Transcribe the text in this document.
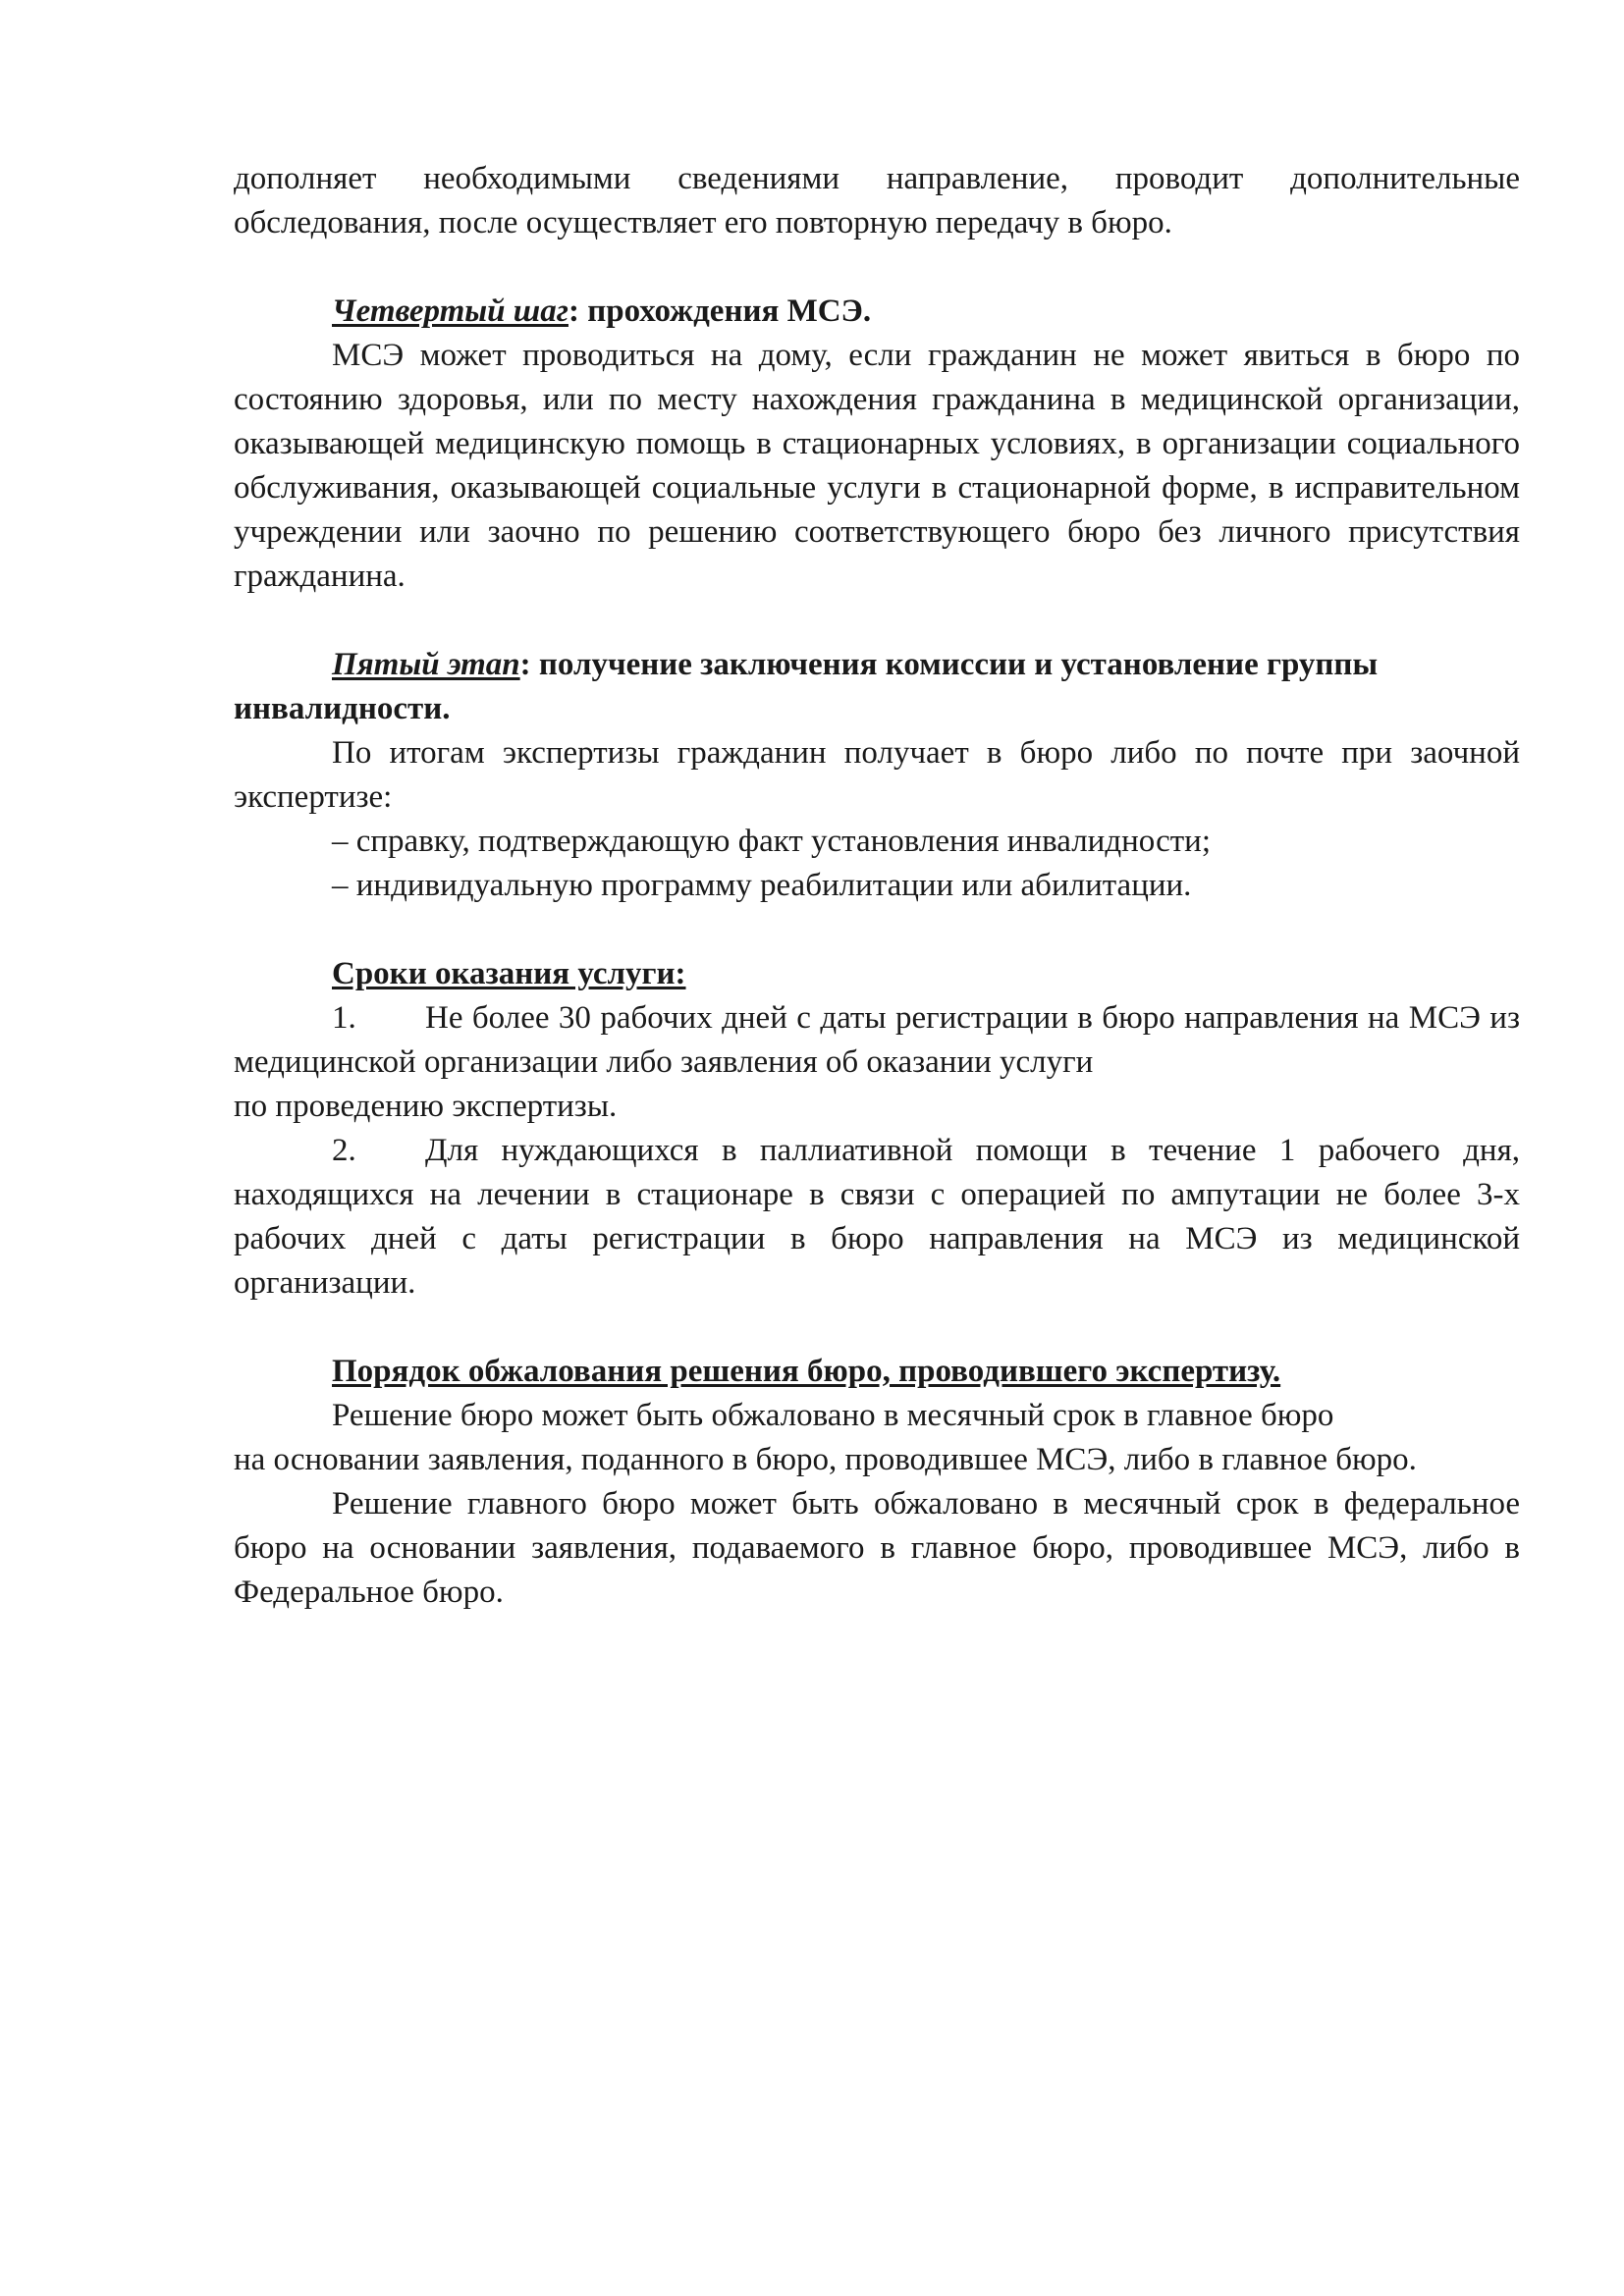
дополняет необходимыми сведениями направление, проводит дополнительные обследования, после осуществляет его повторную передачу в бюро.

Четвертый шаг: прохождения МСЭ.

МСЭ может проводиться на дому, если гражданин не может явиться в бюро по состоянию здоровья, или по месту нахождения гражданина в медицинской организации, оказывающей медицинскую помощь в стационарных условиях, в организации социального обслуживания, оказывающей социальные услуги в стационарной форме, в исправительном учреждении или заочно по решению соответствующего бюро без личного присутствия гражданина.

Пятый этап: получение заключения комиссии и установление группы инвалидности.

По итогам экспертизы гражданин получает в бюро либо по почте при заочной экспертизе:

– справку, подтверждающую факт установления инвалидности;

– индивидуальную программу реабилитации или абилитации.

Сроки оказания услуги:

1. Не более 30 рабочих дней с даты регистрации в бюро направления на МСЭ из медицинской организации либо заявления об оказании услуги

по проведению экспертизы.

2. Для нуждающихся в паллиативной помощи в течение 1 рабочего дня, находящихся на лечении в стационаре в связи с операцией по ампутации не более 3-х рабочих дней с даты регистрации в бюро направления на МСЭ из медицинской организации.

Порядок обжалования решения бюро, проводившего экспертизу.

Решение бюро может быть обжаловано в месячный срок в главное бюро

на основании заявления, поданного в бюро, проводившее МСЭ, либо в главное бюро.

Решение главного бюро может быть обжаловано в месячный срок в федеральное бюро на основании заявления, подаваемого в главное бюро, проводившее МСЭ, либо в Федеральное бюро.
